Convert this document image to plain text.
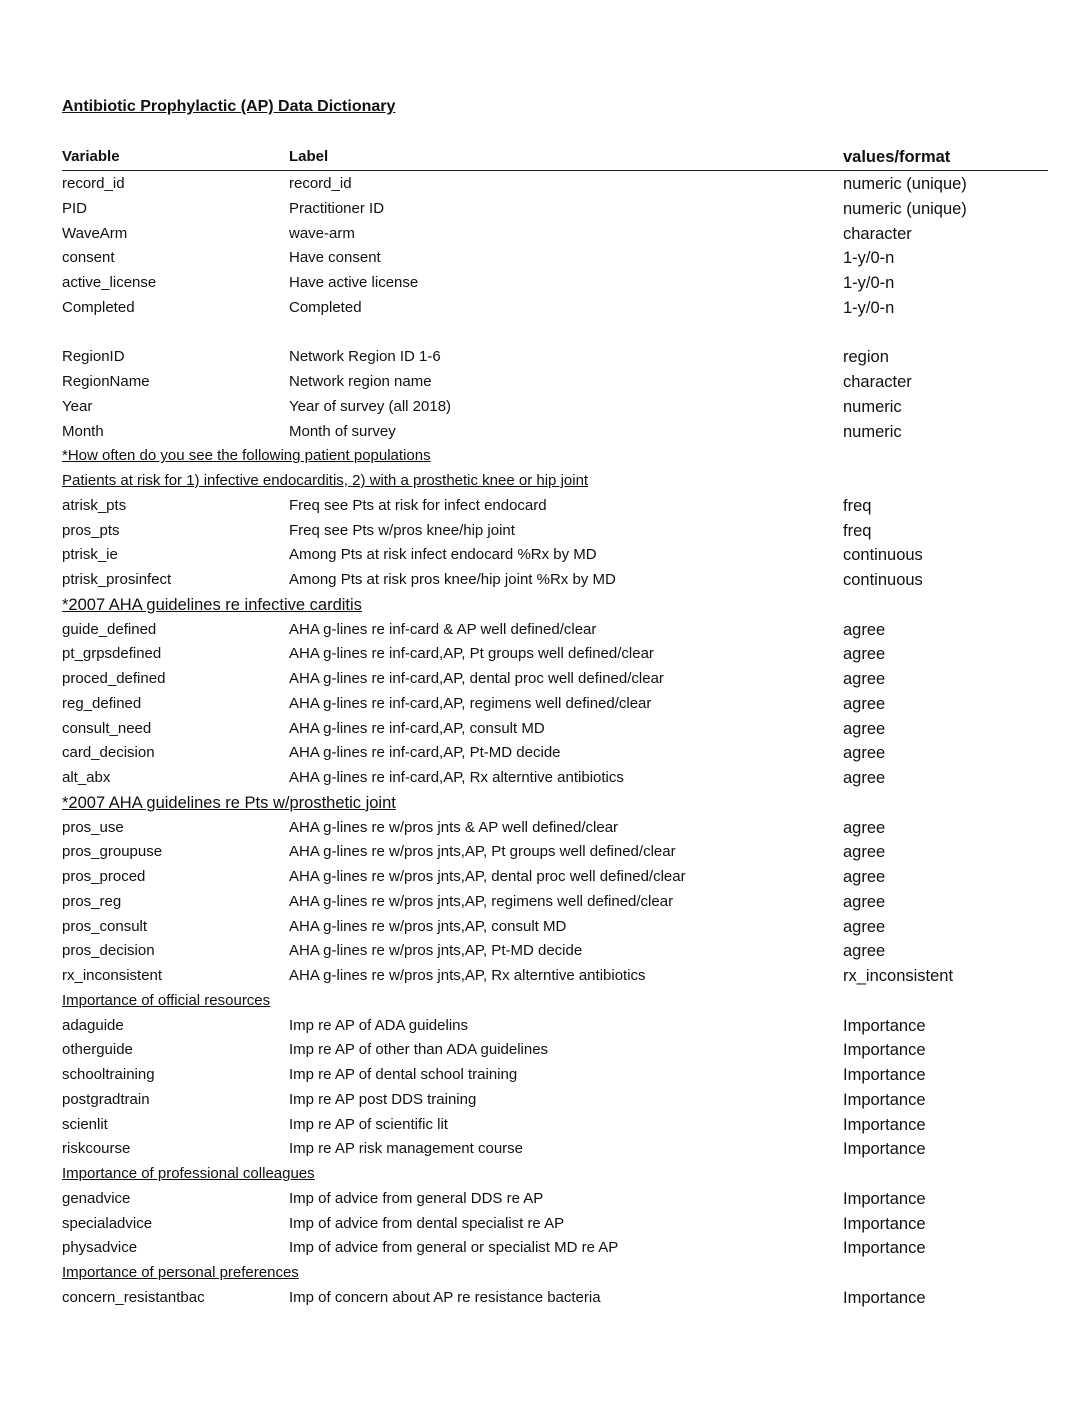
Antibiotic Prophylactic (AP) Data Dictionary
Variable	Label	values/format
record_id	record_id	numeric (unique)
PID	Practitioner ID	numeric (unique)
WaveArm	wave-arm	character
consent	Have consent	1-y/0-n
active_license	Have active license	1-y/0-n
Completed	Completed	1-y/0-n
RegionID	Network Region ID 1-6	region
RegionName	Network region name	character
Year	Year of survey (all 2018)	numeric
Month	Month of survey	numeric
*How often do you see the following patient populations
Patients at risk for 1) infective endocarditis, 2) with a prosthetic knee or hip joint
atrisk_pts	Freq see Pts at risk for infect endocard	freq
pros_pts	Freq see Pts w/pros knee/hip joint	freq
ptrisk_ie	Among Pts at risk infect endocard %Rx by MD	continuous
ptrisk_prosinfect	Among Pts at risk pros knee/hip joint %Rx by MD	continuous
*2007 AHA guidelines re infective carditis
guide_defined	AHA g-lines re inf-card & AP well defined/clear	agree
pt_grpsdefined	AHA g-lines re inf-card,AP, Pt groups well defined/clear	agree
proced_defined	AHA g-lines re inf-card,AP, dental proc well defined/clear	agree
reg_defined	AHA g-lines re inf-card,AP, regimens well defined/clear	agree
consult_need	AHA g-lines re inf-card,AP, consult MD	agree
card_decision	AHA g-lines re inf-card,AP, Pt-MD decide	agree
alt_abx	AHA g-lines re inf-card,AP, Rx alterntive antibiotics	agree
*2007 AHA guidelines re Pts w/prosthetic joint
pros_use	AHA g-lines re w/pros jnts & AP well defined/clear	agree
pros_groupuse	AHA g-lines re w/pros jnts,AP, Pt groups well defined/clear	agree
pros_proced	AHA g-lines re w/pros jnts,AP, dental proc well defined/clear	agree
pros_reg	AHA g-lines re w/pros jnts,AP, regimens well defined/clear	agree
pros_consult	AHA g-lines re w/pros jnts,AP, consult MD	agree
pros_decision	AHA g-lines re w/pros jnts,AP, Pt-MD decide	agree
rx_inconsistent	AHA g-lines re w/pros jnts,AP, Rx alterntive antibiotics	rx_inconsistent
Importance of official resources
adaguide	Imp re AP of ADA guidelins	Importance
otherguide	Imp re AP of other than ADA guidelines	Importance
schooltraining	Imp re AP of dental school training	Importance
postgradtrain	Imp re AP post DDS training	Importance
scienlit	Imp re AP of scientific lit	Importance
riskcourse	Imp re AP risk management course	Importance
Importance of professional colleagues
genadvice	Imp of advice from general DDS re AP	Importance
specialadvice	Imp of advice from dental specialist re AP	Importance
physadvice	Imp of advice from general or specialist MD re AP	Importance
Importance of personal preferences
concern_resistantbac	Imp of concern about AP re resistance bacteria	Importance
